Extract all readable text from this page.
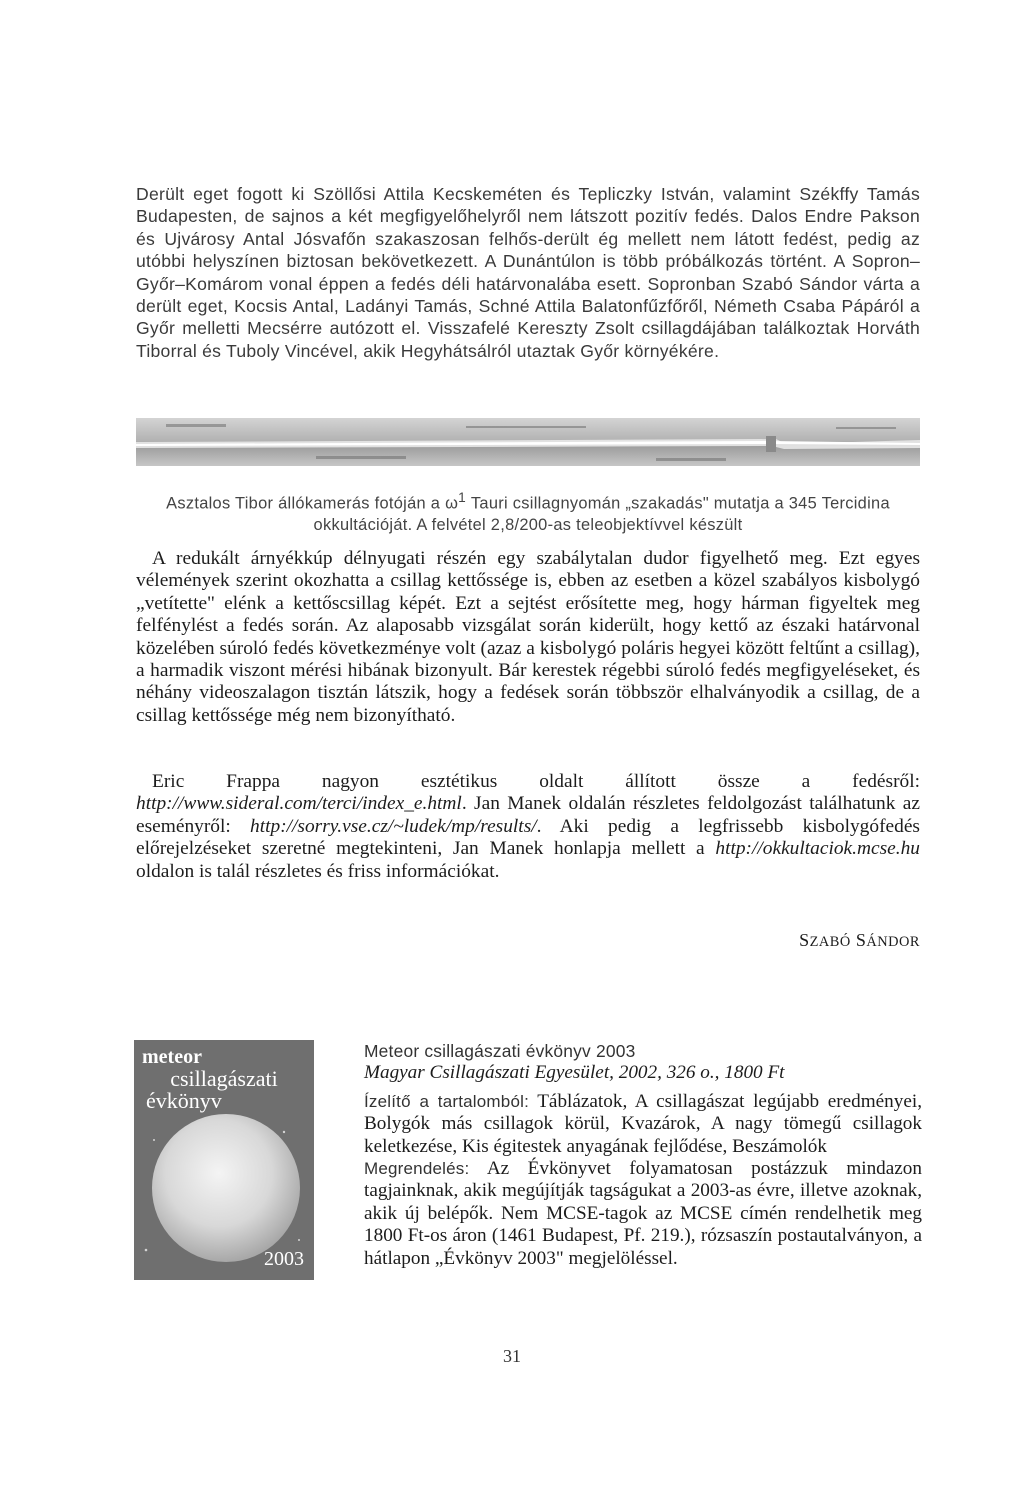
Derült eget fogott ki Szöllősi Attila Kecskeméten és Tepliczky István, valamint Székffy Tamás Budapesten, de sajnos a két megfigyelőhelyről nem látszott pozitív fedés. Dalos Endre Pakson és Ujvárosy Antal Jósvafőn szakaszosan felhős-derült ég mellett nem látott fedést, pedig az utóbbi helyszínen biztosan bekövetkezett. A Dunántúlon is több próbálkozás történt. A Sopron–Győr–Komárom vonal éppen a fedés déli határvonalába esett. Sopronban Szabó Sándor várta a derült eget, Kocsis Antal, Ladányi Tamás, Schné Attila Balatonfűzfőről, Németh Csaba Pápáról a Győr melletti Mecsérre autózott el. Visszafelé Kereszty Zsolt csillagdájában találkoztak Horváth Tiborral és Tuboly Vincével, akik Hegyhátsálról utaztak Győr környékére.

Asztalos Tibor állókamerás fotóján a $\omega^1$ Tauri csillagnyomán „szakadás" mutatja a 345 Tercidina okkultációját. A felvétel 2,8/200-as teleobjektívvel készült

A redukált árnyékkúp délnyugati részén egy szabálytalan dudor figyelhető meg. Ezt egyes vélemények szerint okozhatta a csillag kettőssége is, ebben az esetben a közel szabályos kisbolygó „vetítette" elénk a kettőscsillag képét. Ezt a sejtést erősítette meg, hogy hárman figyeltek meg felfénylést a fedés során. Az alaposabb vizsgálat során kiderült, hogy kettő az északi határvonal közelében súroló fedés következménye volt (azaz a kisbolygó poláris hegyei között feltűnt a csillag), a harmadik viszont mérési hibának bizonyult. Bár kerestek régebbi súroló fedés megfigyeléseket, és néhány videoszalagon tisztán látszik, hogy a fedések során többször elhalványodik a csillag, de a csillag kettőssége még nem bizonyítható.

Eric Frappa nagyon esztétikus oldalt állított össze a fedésről: http://www.sideral.com/terci/index_e.html. Jan Manek oldalán részletes feldolgozást találhatunk az eseményről: http://sorry.vse.cz/~ludek/mp/results/. Aki pedig a legfrissebb kisbolygófedés előrejelzéseket szeretné megtekinteni, Jan Manek honlapja mellett a http://okkultaciok.mcse.hu oldalon is talál részletes és friss információkat.

SZABÓ SÁNDOR
meteor
csillagászati
évkönyv
2003
Meteor csillagászati évkönyv 2003
Magyar Csillagászati Egyesület, 2002, 326 o., 1800 Ft
Ízelítő a tartalomból: Táblázatok, A csillagászat legújabb eredményei, Bolygók más csillagok körül, Kvazárok, A nagy tömegű csillagok keletkezése, Kis égitestek anyagának fejlődése, Beszámolók
Megrendelés: Az Évkönyvet folyamatosan postázzuk mindazon tagjainknak, akik megújítják tagságukat a 2003-as évre, illetve azoknak, akik új belépők. Nem MCSE-tagok az MCSE címén rendelhetik meg 1800 Ft-os áron (1461 Budapest, Pf. 219.), rózsaszín postautalványon, a hátlapon „Évkönyv 2003" megjelöléssel.
31
